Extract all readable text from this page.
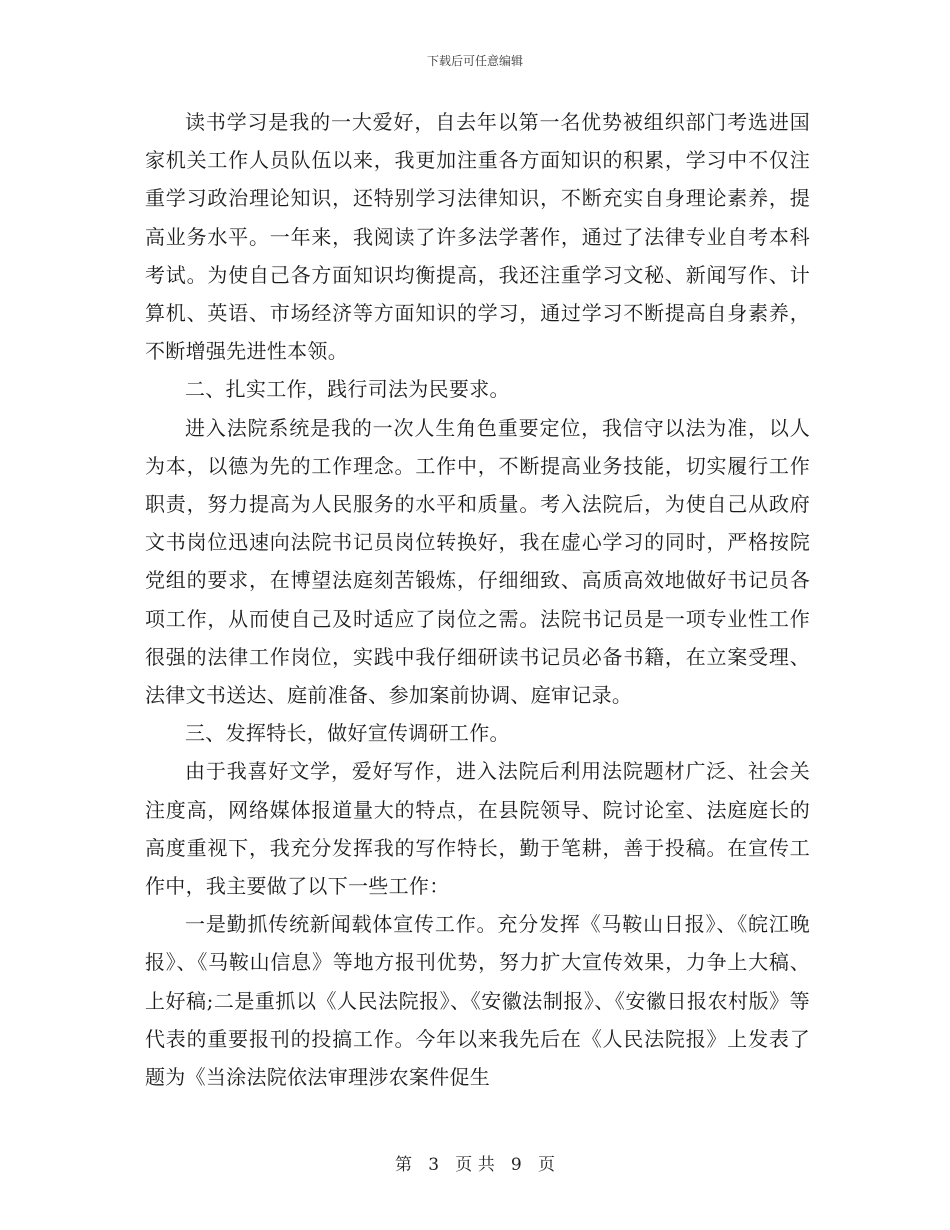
下载后可任意编辑

读书学习是我的一大爱好，自去年以第一名优势被组织部门考选进国家机关工作人员队伍以来，我更加注重各方面知识的积累，学习中不仅注重学习政治理论知识，还特别学习法律知识，不断充实自身理论素养，提高业务水平。一年来，我阅读了许多法学著作，通过了法律专业自考本科考试。为使自己各方面知识均衡提高，我还注重学习文秘、新闻写作、计算机、英语、市场经济等方面知识的学习，通过学习不断提高自身素养，不断增强先进性本领。

二、扎实工作，践行司法为民要求。

进入法院系统是我的一次人生角色重要定位，我信守以法为准，以人为本，以德为先的工作理念。工作中，不断提高业务技能，切实履行工作职责，努力提高为人民服务的水平和质量。考入法院后，为使自己从政府文书岗位迅速向法院书记员岗位转换好，我在虚心学习的同时，严格按院党组的要求，在博望法庭刻苦锻炼，仔细细致、高质高效地做好书记员各项工作，从而使自己及时适应了岗位之需。法院书记员是一项专业性工作很强的法律工作岗位，实践中我仔细研读书记员必备书籍，在立案受理、法律文书送达、庭前准备、参加案前协调、庭审记录。

三、发挥特长，做好宣传调研工作。

由于我喜好文学，爱好写作，进入法院后利用法院题材广泛、社会关注度高，网络媒体报道量大的特点，在县院领导、院讨论室、法庭庭长的高度重视下，我充分发挥我的写作特长，勤于笔耕，善于投稿。在宣传工作中，我主要做了以下一些工作：

一是勤抓传统新闻载体宣传工作。充分发挥《马鞍山日报》、《皖江晚报》、《马鞍山信息》等地方报刊优势，努力扩大宣传效果，力争上大稿、上好稿;二是重抓以《人民法院报》、《安徽法制报》、《安徽日报农村版》等代表的重要报刊的投搞工作。今年以来我先后在《人民法院报》上发表了题为《当涂法院依法审理涉农案件促生

第 3 页 共 9 页
